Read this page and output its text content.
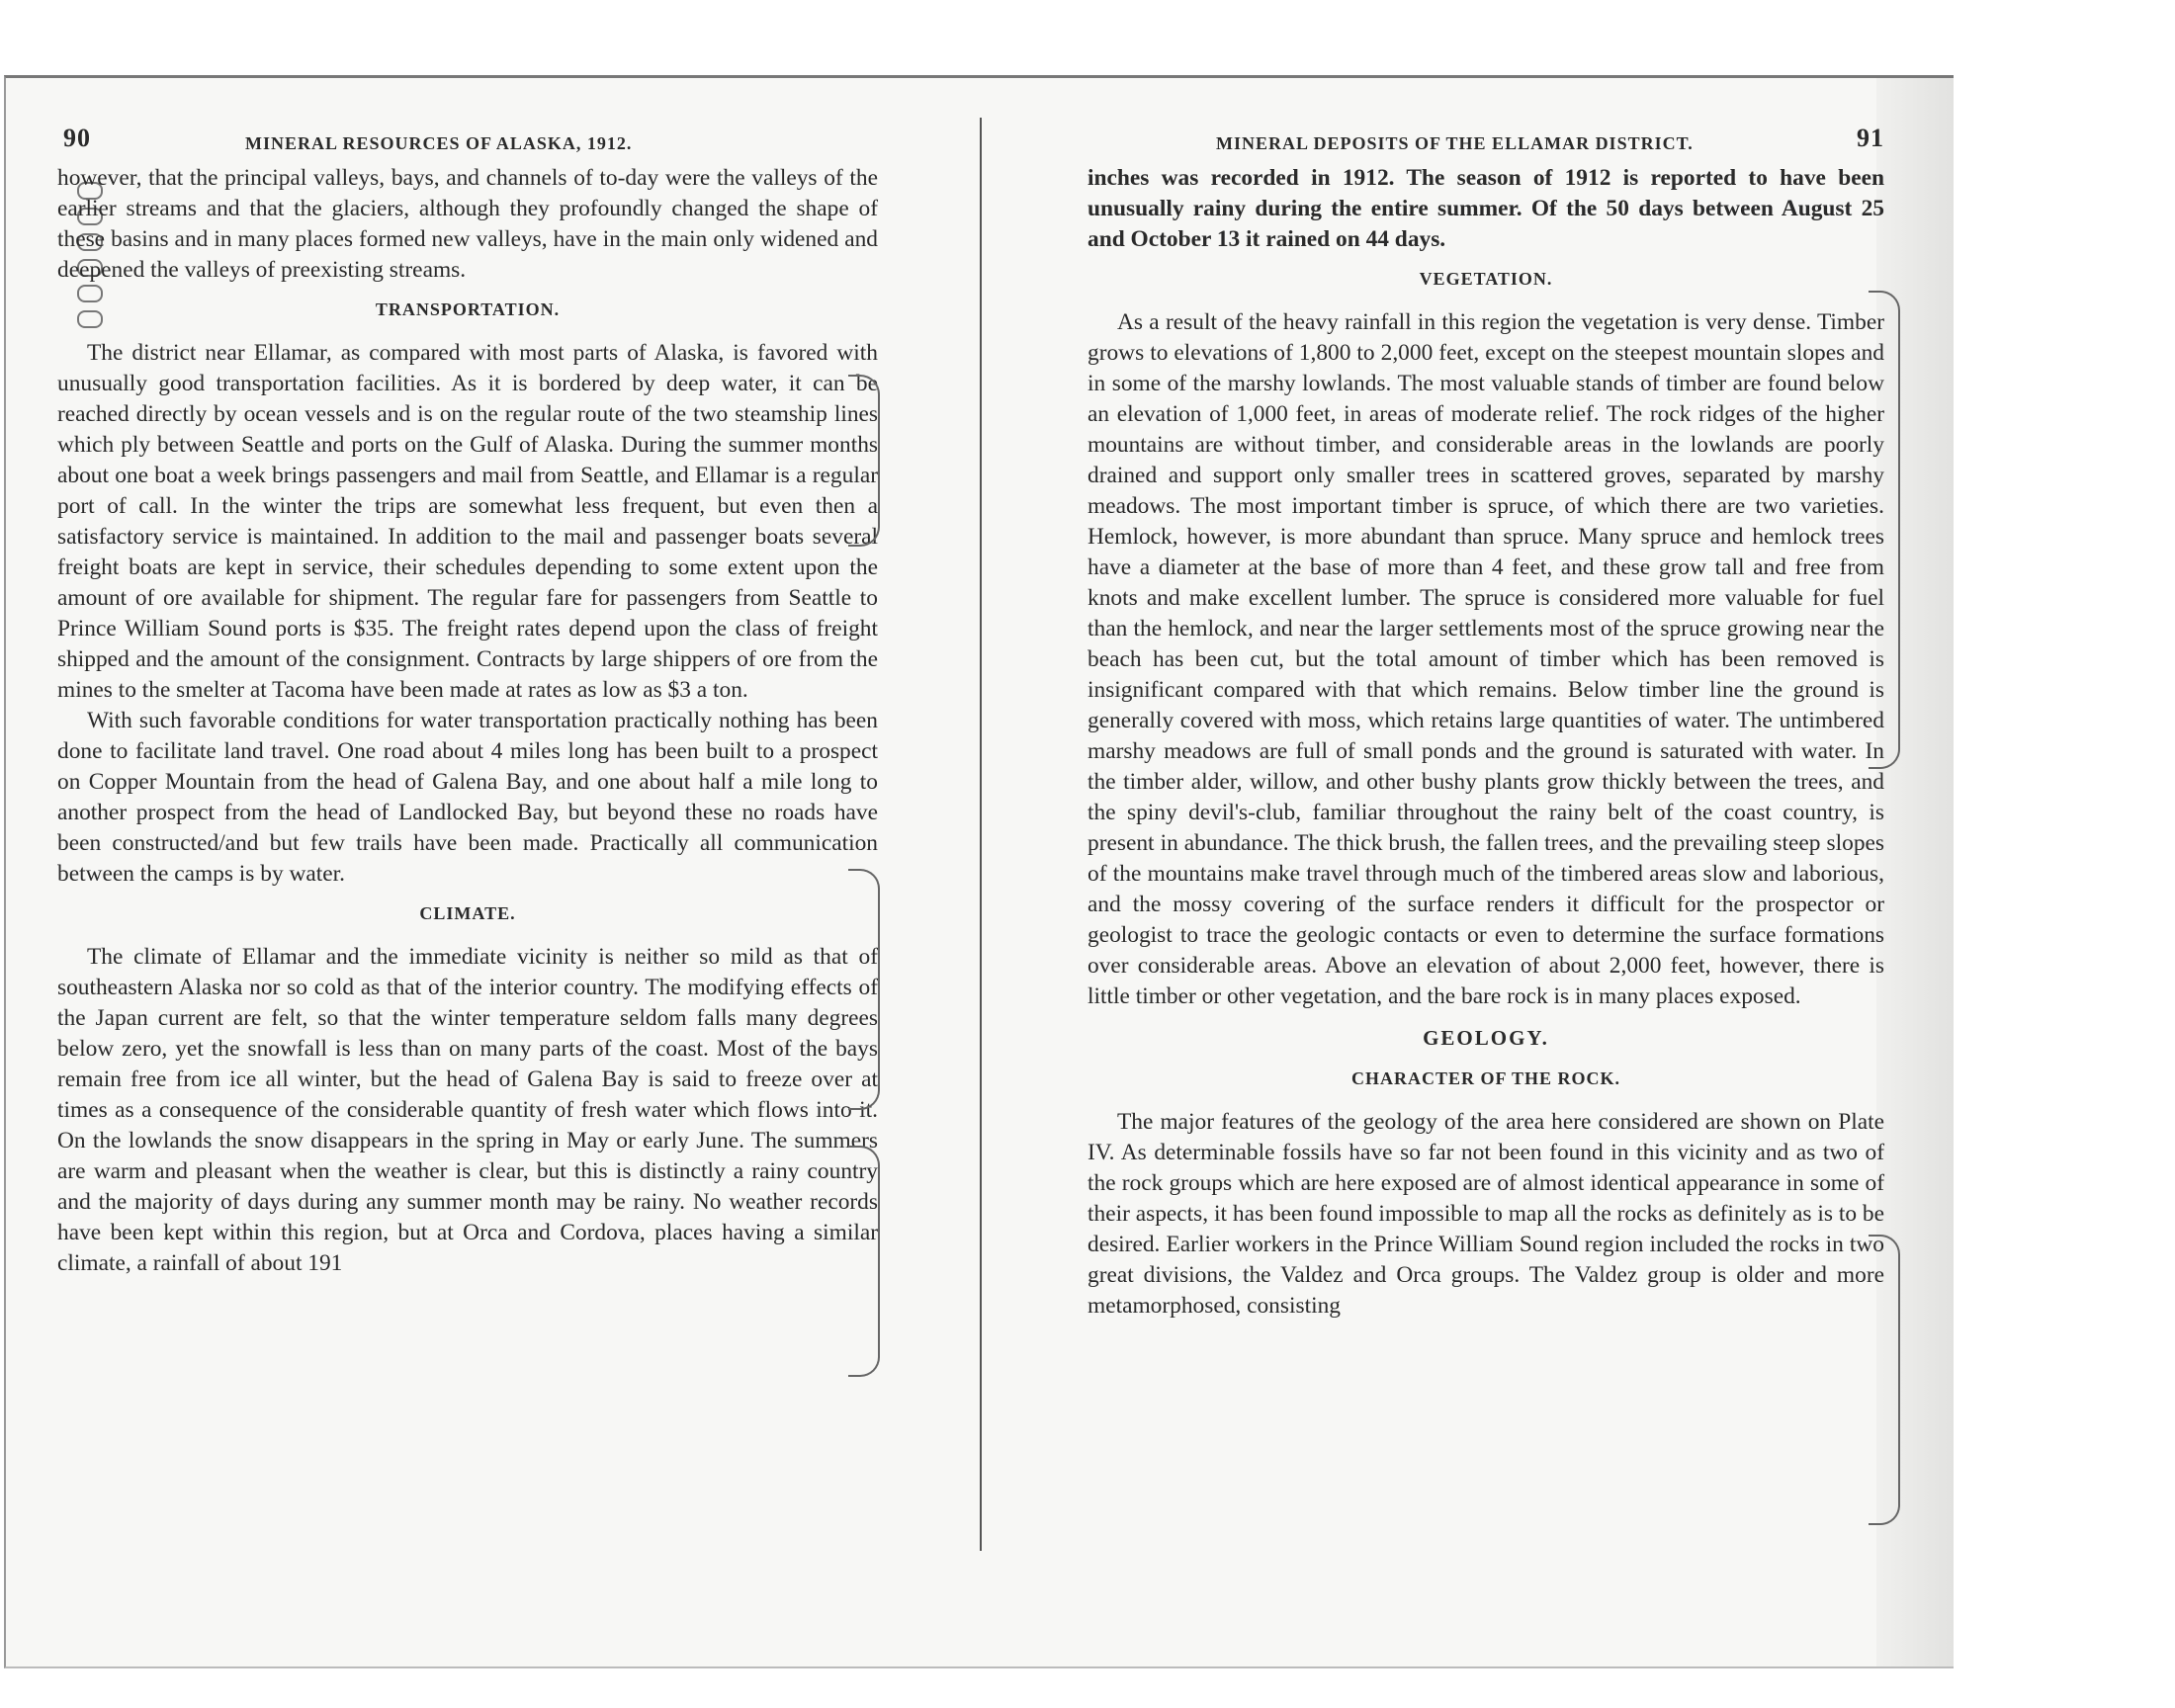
90	MINERAL RESOURCES OF ALASKA, 1912.

however, that the principal valleys, bays, and channels of to-day were the valleys of the earlier streams and that the glaciers, although they profoundly changed the shape of these basins and in many places formed new valleys, have in the main only widened and deepened the valleys of preexisting streams.

TRANSPORTATION.

The district near Ellamar, as compared with most parts of Alaska, is favored with unusually good transportation facilities. As it is bordered by deep water, it can be reached directly by ocean vessels and is on the regular route of the two steamship lines which ply between Seattle and ports on the Gulf of Alaska. During the summer months about one boat a week brings passengers and mail from Seattle, and Ellamar is a regular port of call. In the winter the trips are somewhat less frequent, but even then a satisfactory service is maintained. In addition to the mail and passenger boats several freight boats are kept in service, their schedules depending to some extent upon the amount of ore available for shipment. The regular fare for passengers from Seattle to Prince William Sound ports is $35. The freight rates depend upon the class of freight shipped and the amount of the consignment. Contracts by large shippers of ore from the mines to the smelter at Tacoma have been made at rates as low as $3 a ton.

With such favorable conditions for water transportation practically nothing has been done to facilitate land travel. One road about 4 miles long has been built to a prospect on Copper Mountain from the head of Galena Bay, and one about half a mile long to another prospect from the head of Landlocked Bay, but beyond these no roads have been constructed/and but few trails have been made. Practically all communication between the camps is by water.

CLIMATE.

The climate of Ellamar and the immediate vicinity is neither so mild as that of southeastern Alaska nor so cold as that of the interior country. The modifying effects of the Japan current are felt, so that the winter temperature seldom falls many degrees below zero, yet the snowfall is less than on many parts of the coast. Most of the bays remain free from ice all winter, but the head of Galena Bay is said to freeze over at times as a consequence of the considerable quantity of fresh water which flows into it. On the lowlands the snow disappears in the spring in May or early June. The summers are warm and pleasant when the weather is clear, but this is distinctly a rainy country and the majority of days during any summer month may be rainy. No weather records have been kept within this region, but at Orca and Cordova, places having a similar climate, a rainfall of about 191

MINERAL DEPOSITS OF THE ELLAMAR DISTRICT.	91

inches was recorded in 1912. The season of 1912 is reported to have been unusually rainy during the entire summer. Of the 50 days between August 25 and October 13 it rained on 44 days.

VEGETATION.

As a result of the heavy rainfall in this region the vegetation is very dense. Timber grows to elevations of 1,800 to 2,000 feet, except on the steepest mountain slopes and in some of the marshy lowlands. The most valuable stands of timber are found below an elevation of 1,000 feet, in areas of moderate relief. The rock ridges of the higher mountains are without timber, and considerable areas in the lowlands are poorly drained and support only smaller trees in scattered groves, separated by marshy meadows. The most important timber is spruce, of which there are two varieties. Hemlock, however, is more abundant than spruce. Many spruce and hemlock trees have a diameter at the base of more than 4 feet, and these grow tall and free from knots and make excellent lumber. The spruce is considered more valuable for fuel than the hemlock, and near the larger settlements most of the spruce growing near the beach has been cut, but the total amount of timber which has been removed is insignificant compared with that which remains. Below timber line the ground is generally covered with moss, which retains large quantities of water. The untimbered marshy meadows are full of small ponds and the ground is saturated with water. In the timber alder, willow, and other bushy plants grow thickly between the trees, and the spiny devil's-club, familiar throughout the rainy belt of the coast country, is present in abundance. The thick brush, the fallen trees, and the prevailing steep slopes of the mountains make travel through much of the timbered areas slow and laborious, and the mossy covering of the surface renders it difficult for the prospector or geologist to trace the geologic contacts or even to determine the surface formations over considerable areas. Above an elevation of about 2,000 feet, however, there is little timber or other vegetation, and the bare rock is in many places exposed.

GEOLOGY.
CHARACTER OF THE ROCK.

The major features of the geology of the area here considered are shown on Plate IV. As determinable fossils have so far not been found in this vicinity and as two of the rock groups which are here exposed are of almost identical appearance in some of their aspects, it has been found impossible to map all the rocks as definitely as is to be desired. Earlier workers in the Prince William Sound region included the rocks in two great divisions, the Valdez and Orca groups. The Valdez group is older and more metamorphosed, consisting
